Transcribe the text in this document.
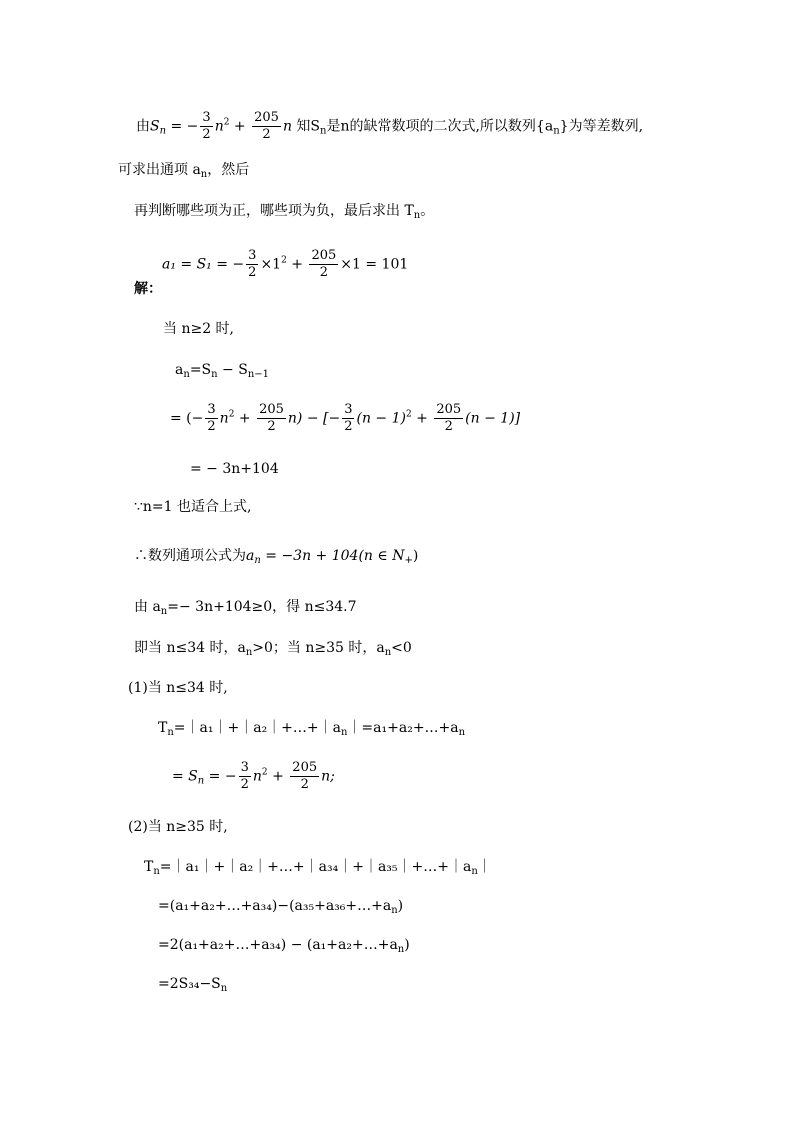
由$S_n$ = − $\frac{3}{2} n^2 + \frac{205}{2}$ n 知$S_n$是n的缺常数项的二次式,所以数列$\{a_n\}$为等差数列,
可求出通项 $a_n$，然后
再判断哪些项为正，哪些项为负，最后求出 $T_n$。
解：a₁ = S₁ = − $\frac{3}{2} \times 1^2 + \frac{205}{2} \times 1 = 101$
当 n≥2 时,
$a_n=S_n - S_{n-1}$
= (− $\frac{3}{2} n^2 + \frac{205}{2} n$) − [− $\frac{3}{2} (n - 1)^2 + \frac{205}{2} (n - 1)$]
= − 3n+104
∵n=1 也适合上式,
∴数列通项公式为$a_n = -3n + 104(n$ ∈ $N_+$)
由 $a_n=- 3n+104\ge 0$，得 n≤34.7
即当 n≤34 时，$a_n>0$；当 n≥35 时，$a_n<0$
(1)当 n≤34 时,
$T_n=|a_1|+|a_2|+\dots+|a_n|=a_1+a_2+\dots+a_n$
= $S_n$ = − $\frac{3}{2} n^2 + \frac{205}{2} n$;
(2)当 n≥35 时,
$T_n=|a_1|+|a_2|+\dots+|a_{34}|+|a_{35}|+\dots+|a_n|$
$=(a_1+a_2+\dots+a_{34})-(a_{35}+a_{36}+\dots+a_n)$
=2(a₁+a₂+…+a₃₄) − $(a_1+a_2+\dots+a_n)$
$=2S_{34}-S_n$
